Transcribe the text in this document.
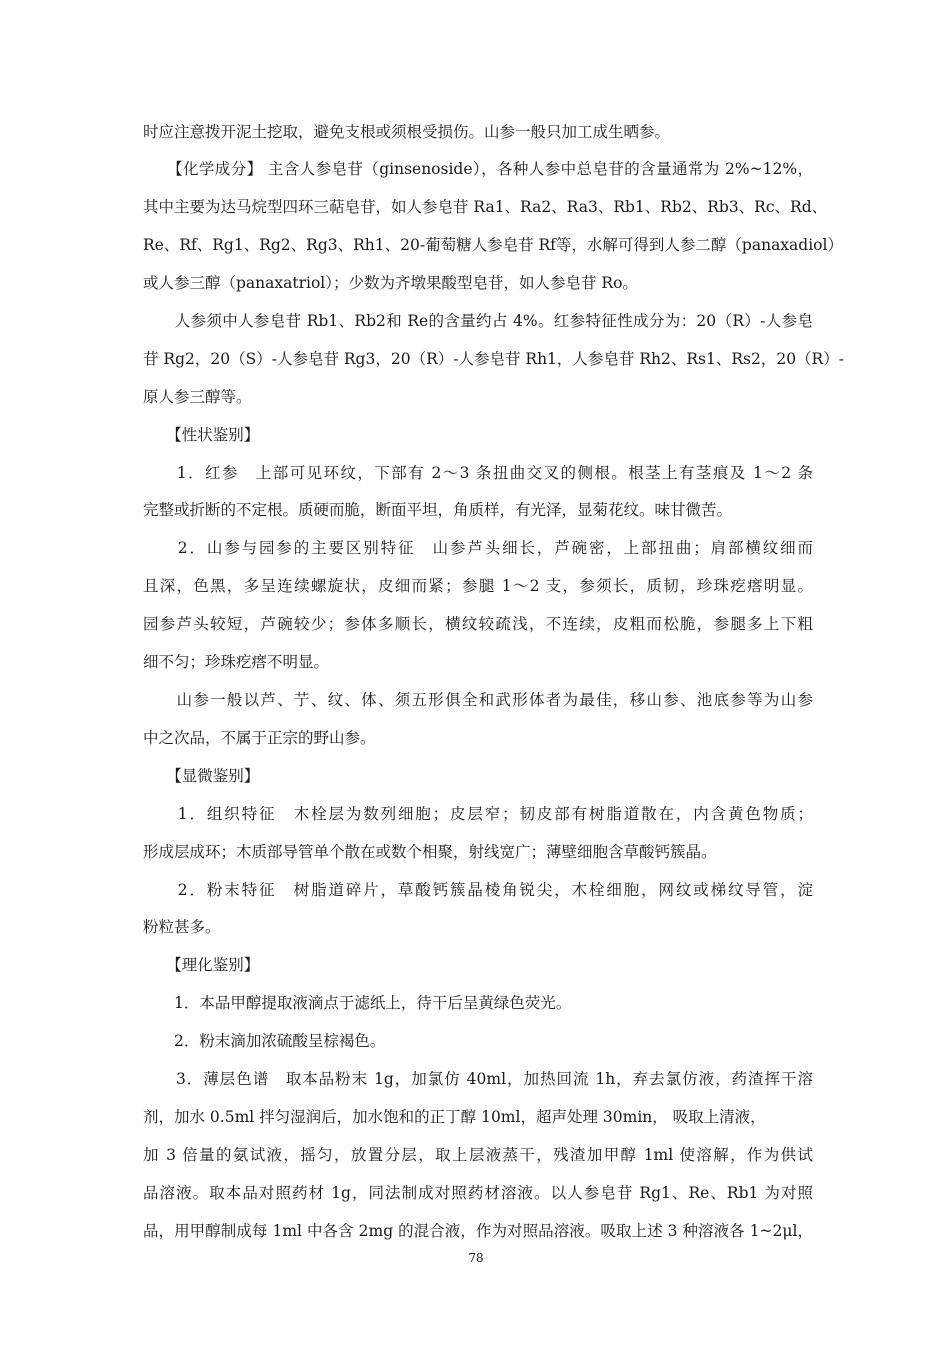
时应注意拨开泥土挖取，避免支根或须根受损伤。山参一般只加工成生晒参。
　　【化学成分】 主含人参皂苷（ginsenoside），各种人参中总皂苷的含量通常为 2%~12%，
其中主要为达马烷型四环三萜皂苷，如人参皂苷 Ra1、Ra2、Ra3、Rb1、Rb2、Rb3、Rc、Rd、
Re、Rf、Rg1、Rg2、Rg3、Rh1、20-葡萄糖人参皂苷 Rf等，水解可得到人参二醇（panaxadiol）
或人参三醇（panaxatriol）；少数为齐墩果酸型皂苷，如人参皂苷 Ro。
　　人参须中人参皂苷 Rb1、Rb2和 Re的含量约占 4%。红参特征性成分为：20（R）-人参皂
苷 Rg2，20（S）-人参皂苷 Rg3，20（R）-人参皂苷 Rh1，人参皂苷 Rh2、Rs1、Rs2，20（R）-
原人参三醇等。
　　【性状鉴别】
　　1．红参　上部可见环纹，下部有 2～3 条扭曲交叉的侧根。根茎上有茎痕及 1～2 条
完整或折断的不定根。质硬而脆，断面平坦，角质样，有光泽，显菊花纹。味甘微苦。
　　2．山参与园参的主要区别特征　山参芦头细长，芦碗密，上部扭曲；肩部横纹细而
且深，色黑，多呈连续螺旋状，皮细而紧；参腿 1～2 支，参须长，质韧，珍珠疙瘩明显。
园参芦头较短，芦碗较少；参体多顺长，横纹较疏浅，不连续，皮粗而松脆，参腿多上下粗
细不匀；珍珠疙瘩不明显。
　　山参一般以芦、艼、纹、体、须五形俱全和武形体者为最佳，移山参、池底参等为山参
中之次品，不属于正宗的野山参。
　　【显微鉴别】
　　1．组织特征　木栓层为数列细胞；皮层窄；韧皮部有树脂道散在，内含黄色物质；
形成层成环；木质部导管单个散在或数个相聚，射线宽广；薄壁细胞含草酸钙簇晶。
　　2．粉末特征　树脂道碎片，草酸钙簇晶棱角锐尖，木栓细胞，网纹或梯纹导管，淀
粉粒甚多。
　　【理化鉴别】
　　1．本品甲醇提取液滴点于滤纸上，待干后呈黄绿色荧光。
　　2．粉末滴加浓硫酸呈棕褐色。
　　3．薄层色谱　取本品粉末 1g，加氯仿 40ml，加热回流 1h，弃去氯仿液，药渣挥干溶
剂，加水 0.5ml 拌匀湿润后，加水饱和的正丁醇 10ml，超声处理 30min， 吸取上清液，
加 3 倍量的氨试液，摇匀，放置分层，取上层液蒸干，残渣加甲醇 1ml 使溶解，作为供试
品溶液。取本品对照药材 1g，同法制成对照药材溶液。以人参皂苷 Rg1、Re、Rb1 为对照
品，用甲醇制成每 1ml 中各含 2mg 的混合液，作为对照品溶液。吸取上述 3 种溶液各 1~2μl，
78
